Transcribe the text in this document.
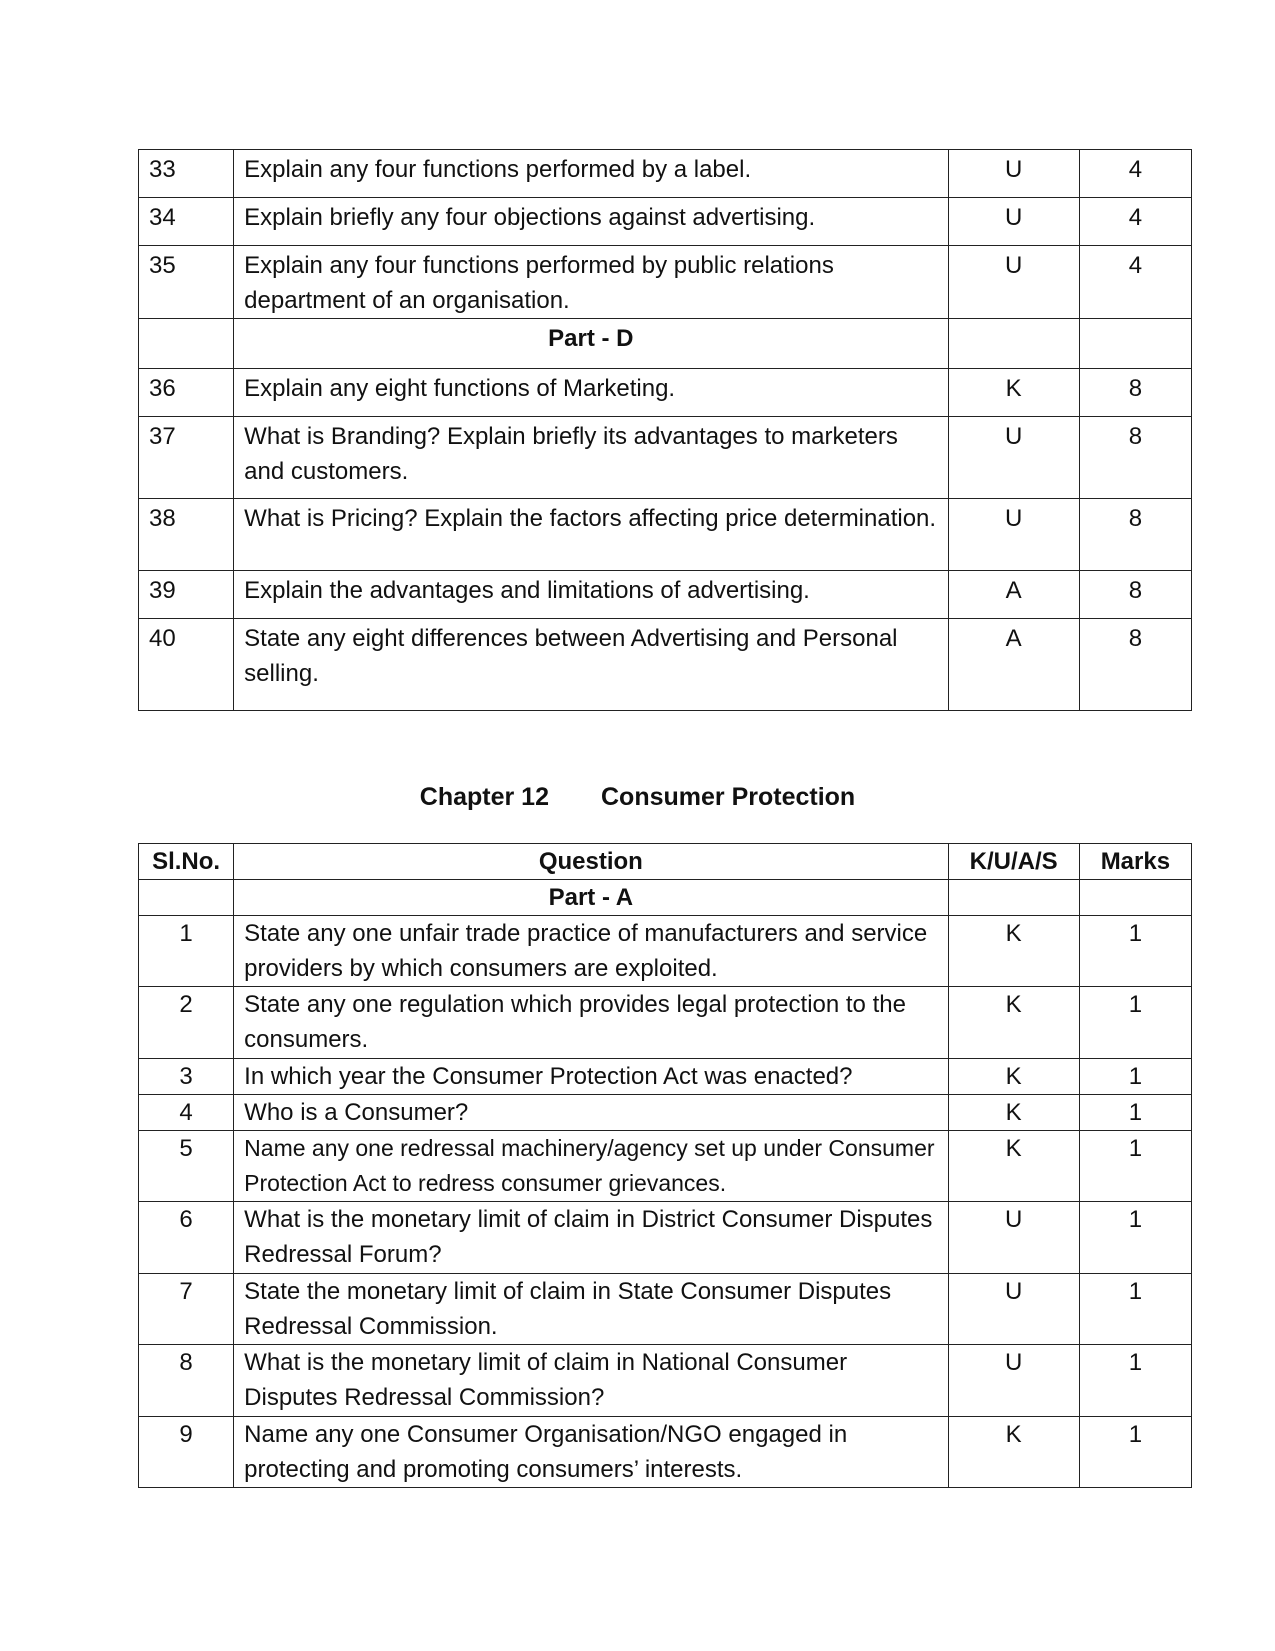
33	Explain any four functions performed by a label.	U	4
34	Explain briefly any four objections against advertising.	U	4
35	Explain any four functions performed by public relations department of an organisation.	U	4
	Part - D		
36	Explain any eight functions of Marketing.	K	8
37	What is Branding? Explain briefly its advantages to marketers and customers.	U	8
38	What is Pricing? Explain the factors affecting price determination.	U	8
39	Explain the advantages and limitations of advertising.	A	8
40	State any eight differences between Advertising and Personal selling.	A	8
Chapter 12 Consumer Protection
Sl.No.	Question	K/U/A/S	Marks
	Part - A		
1	State any one unfair trade practice of manufacturers and service providers by which consumers are exploited.	K	1
2	State any one regulation which provides legal protection to the consumers.	K	1
3	In which year the Consumer Protection Act was enacted?	K	1
4	Who is a Consumer?	K	1
5	Name any one redressal machinery/agency set up under Consumer Protection Act to redress consumer grievances.	K	1
6	What is the monetary limit of claim in District Consumer Disputes Redressal Forum?	U	1
7	State the monetary limit of claim in State Consumer Disputes Redressal Commission.	U	1
8	What is the monetary limit of claim in National Consumer Disputes Redressal Commission?	U	1
9	Name any one Consumer Organisation/NGO engaged in protecting and promoting consumers’ interests.	K	1
